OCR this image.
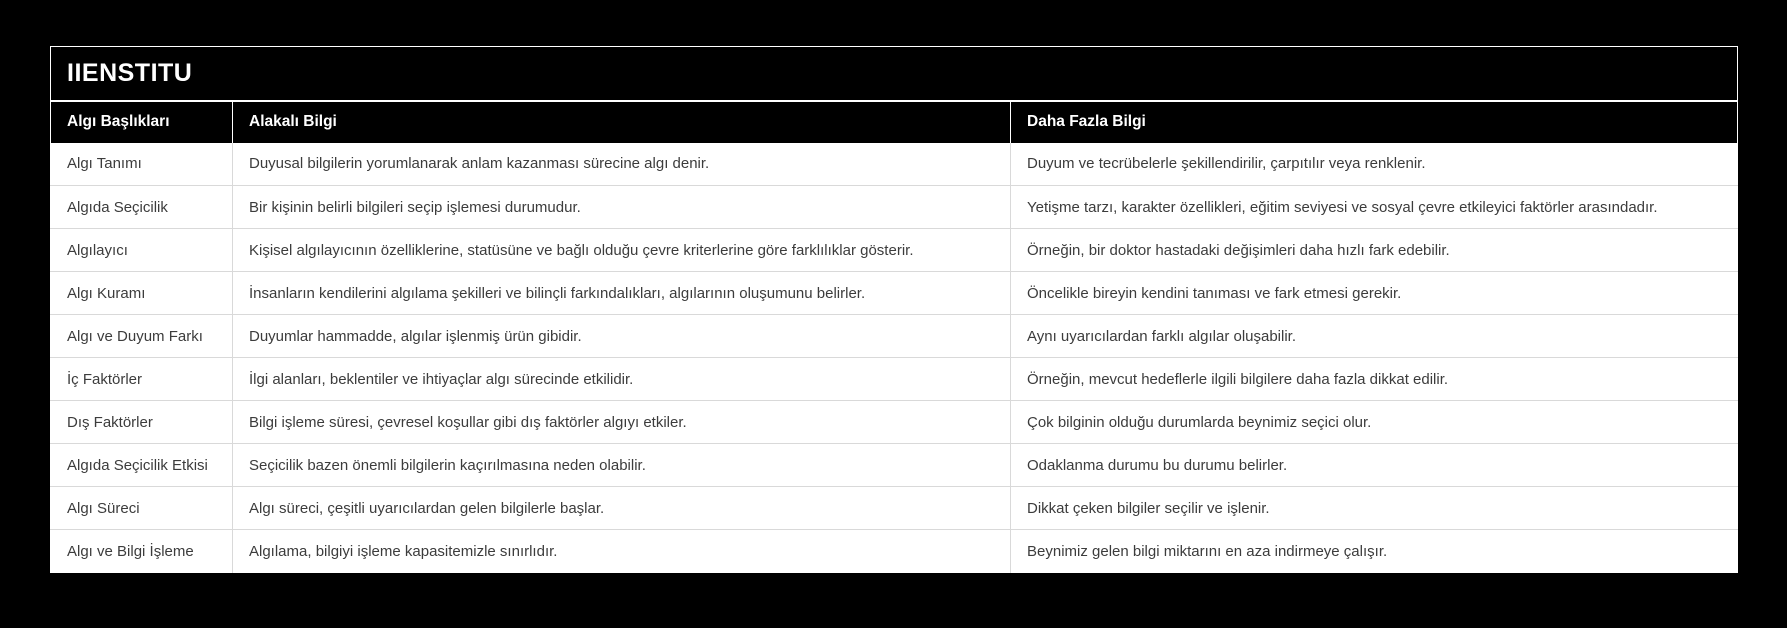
IIENSTITU		
Algı Başlıkları	Alakalı Bilgi	Daha Fazla Bilgi
Algı Tanımı	Duyusal bilgilerin yorumlanarak anlam kazanması sürecine algı denir.	Duyum ve tecrübelerle şekillendirilir, çarpıtılır veya renklenir.
Algıda Seçicilik	Bir kişinin belirli bilgileri seçip işlemesi durumudur.	Yetişme tarzı, karakter özellikleri, eğitim seviyesi ve sosyal çevre etkileyici faktörler arasındadır.
Algılayıcı	Kişisel algılayıcının özelliklerine, statüsüne ve bağlı olduğu çevre kriterlerine göre farklılıklar gösterir.	Örneğin, bir doktor hastadaki değişimleri daha hızlı fark edebilir.
Algı Kuramı	İnsanların kendilerini algılama şekilleri ve bilinçli farkındalıkları, algılarının oluşumunu belirler.	Öncelikle bireyin kendini tanıması ve fark etmesi gerekir.
Algı ve Duyum Farkı	Duyumlar hammadde, algılar işlenmiş ürün gibidir.	Aynı uyarıcılardan farklı algılar oluşabilir.
İç Faktörler	İlgi alanları, beklentiler ve ihtiyaçlar algı sürecinde etkilidir.	Örneğin, mevcut hedeflerle ilgili bilgilere daha fazla dikkat edilir.
Dış Faktörler	Bilgi işleme süresi, çevresel koşullar gibi dış faktörler algıyı etkiler.	Çok bilginin olduğu durumlarda beynimiz seçici olur.
Algıda Seçicilik Etkisi	Seçicilik bazen önemli bilgilerin kaçırılmasına neden olabilir.	Odaklanma durumu bu durumu belirler.
Algı Süreci	Algı süreci, çeşitli uyarıcılardan gelen bilgilerle başlar.	Dikkat çeken bilgiler seçilir ve işlenir.
Algı ve Bilgi İşleme	Algılama, bilgiyi işleme kapasitemizle sınırlıdır.	Beynimiz gelen bilgi miktarını en aza indirmeye çalışır.
